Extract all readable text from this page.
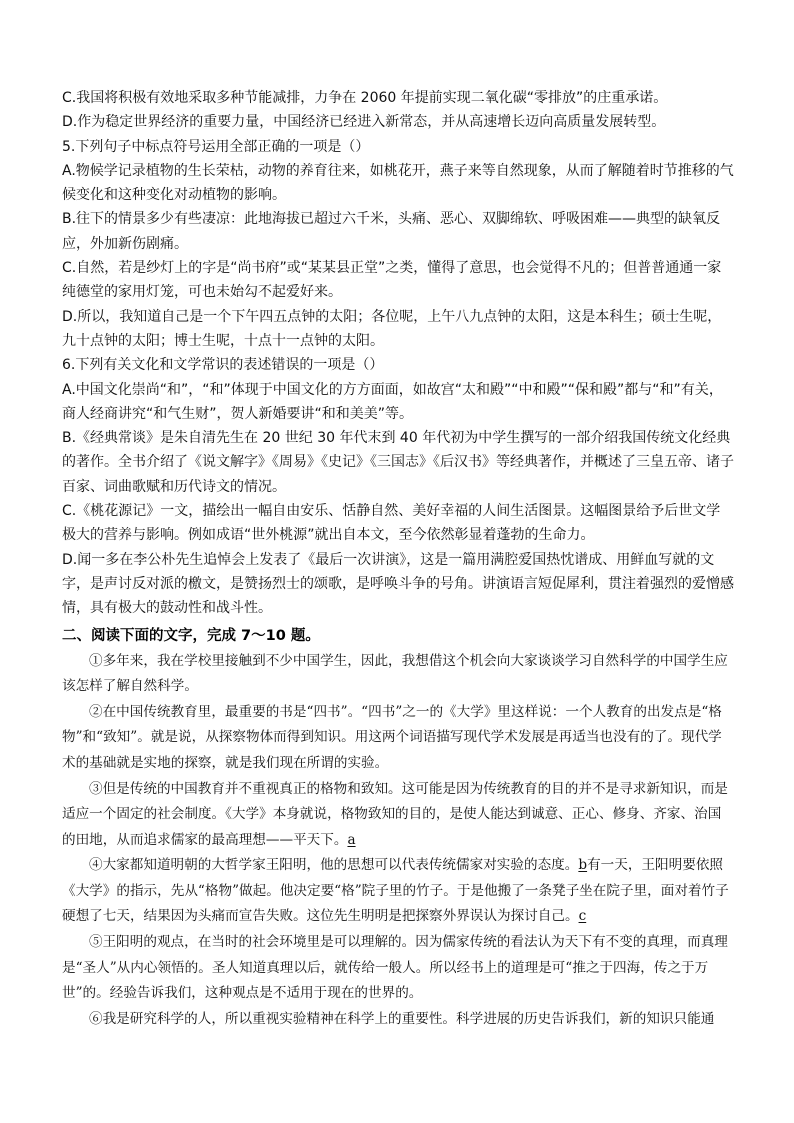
C.我国将积极有效地采取多种节能减排，力争在 2060 年提前实现二氧化碳“零排放”的庄重承诺。

D.作为稳定世界经济的重要力量，中国经济已经进入新常态，并从高速增长迈向高质量发展转型。

5.下列句子中标点符号运用全部正确的一项是（）

A.物候学记录植物的生长荣枯，动物的养育往来，如桃花开，燕子来等自然现象，从而了解随着时节推移的气候变化和这种变化对动植物的影响。

B.往下的情景多少有些凄凉：此地海拔已超过六千米，头痛、恶心、双脚绵软、呼吸困难——典型的缺氧反应，外加新伤剧痛。

C.自然，若是纱灯上的字是“尚书府”或“某某县正堂”之类，懂得了意思，也会觉得不凡的；但普普通通一家纯德堂的家用灯笼，可也未始勾不起爱好来。

D.所以，我知道自己是一个下午四五点钟的太阳；各位呢，上午八九点钟的太阳，这是本科生；硕士生呢，九十点钟的太阳；博士生呢，十点十一点钟的太阳。

6.下列有关文化和文学常识的表述错误的一项是（）

A.中国文化崇尚“和”，“和”体现于中国文化的方方面面，如故宫“太和殿”“中和殿”“保和殿”都与“和”有关，商人经商讲究“和气生财”，贺人新婚要讲“和和美美”等。

B.《经典常谈》是朱自清先生在 20 世纪 30 年代末到 40 年代初为中学生撰写的一部介绍我国传统文化经典的著作。全书介绍了《说文解字》《周易》《史记》《三国志》《后汉书》等经典著作，并概述了三皇五帝、诸子百家、词曲歌赋和历代诗文的情况。

C.《桃花源记》一文，描绘出一幅自由安乐、恬静自然、美好幸福的人间生活图景。这幅图景给予后世文学极大的营养与影响。例如成语“世外桃源”就出自本文，至今依然彰显着蓬勃的生命力。

D.闻一多在李公朴先生追悼会上发表了《最后一次讲演》，这是一篇用满腔爱国热忱谱成、用鲜血写就的文字，是声讨反对派的檄文，是赞扬烈士的颂歌，是呼唤斗争的号角。讲演语言短促犀利，贯注着强烈的爱憎感情，具有极大的鼓动性和战斗性。

二、阅读下面的文字，完成 7～10 题。

①多年来，我在学校里接触到不少中国学生，因此，我想借这个机会向大家谈谈学习自然科学的中国学生应该怎样了解自然科学。

②在中国传统教育里，最重要的书是“四书”。“四书”之一的《大学》里这样说：一个人教育的出发点是“格物”和“致知”。就是说，从探察物体而得到知识。用这两个词语描写现代学术发展是再适当也没有的了。现代学术的基础就是实地的探察，就是我们现在所谓的实验。

③但是传统的中国教育并不重视真正的格物和致知。这可能是因为传统教育的目的并不是寻求新知识，而是适应一个固定的社会制度。《大学》本身就说，格物致知的目的，是使人能达到诚意、正心、修身、齐家、治国的田地，从而追求儒家的最高理想——平天下。a

④大家都知道明朝的大哲学家王阳明，他的思想可以代表传统儒家对实验的态度。b有一天，王阳明要依照《大学》的指示，先从“格物”做起。他决定要“格”院子里的竹子。于是他搬了一条凳子坐在院子里，面对着竹子硬想了七天，结果因为头痛而宣告失败。这位先生明明是把探察外界误认为探讨自己。c

⑤王阳明的观点，在当时的社会环境里是可以理解的。因为儒家传统的看法认为天下有不变的真理，而真理是“圣人”从内心领悟的。圣人知道真理以后，就传给一般人。所以经书上的道理是可“推之于四海，传之于万世”的。经验告诉我们，这种观点是不适用于现在的世界的。

⑥我是研究科学的人，所以重视实验精神在科学上的重要性。科学进展的历史告诉我们，新的知识只能通
